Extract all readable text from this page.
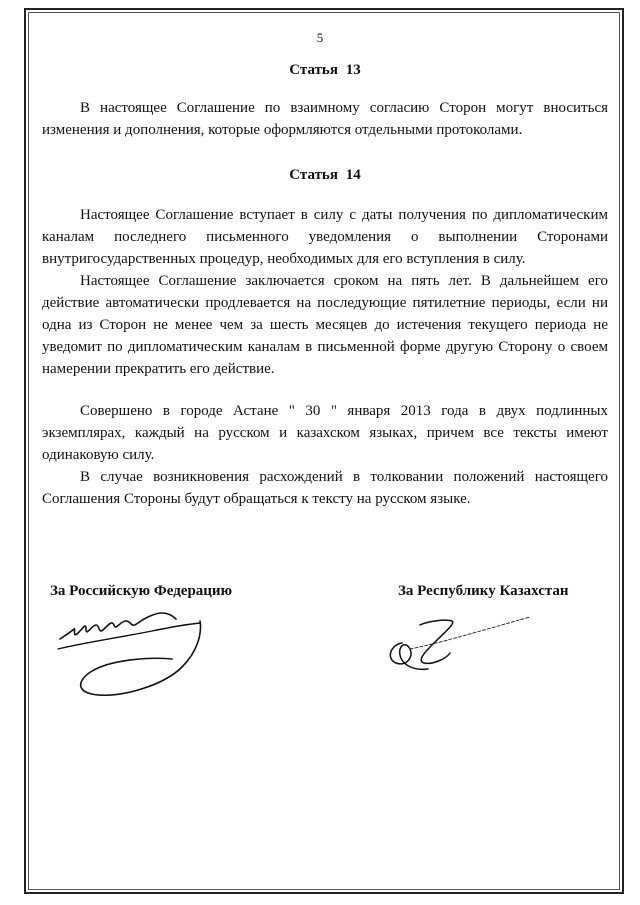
5

Статья 13

В настоящее Соглашение по взаимному согласию Сторон могут вноситься изменения и дополнения, которые оформляются отдельными протоколами.

Статья 14

Настоящее Соглашение вступает в силу с даты получения по дипломатическим каналам последнего письменного уведомления о выполнении Сторонами внутригосударственных процедур, необходимых для его вступления в силу.

Настоящее Соглашение заключается сроком на пять лет. В дальнейшем его действие автоматически продлевается на последующие пятилетние периоды, если ни одна из Сторон не менее чем за шесть месяцев до истечения текущего периода не уведомит по дипломатическим каналам в письменной форме другую Сторону о своем намерении прекратить его действие.

Совершено в городе Астане " 30 " января 2013 года в двух подлинных экземплярах, каждый на русском и казахском языках, причем все тексты имеют одинаковую силу.

В случае возникновения расхождений в толковании положений настоящего Соглашения Стороны будут обращаться к тексту на русском языке.

За Российскую Федерацию	За Республику Казахстан
